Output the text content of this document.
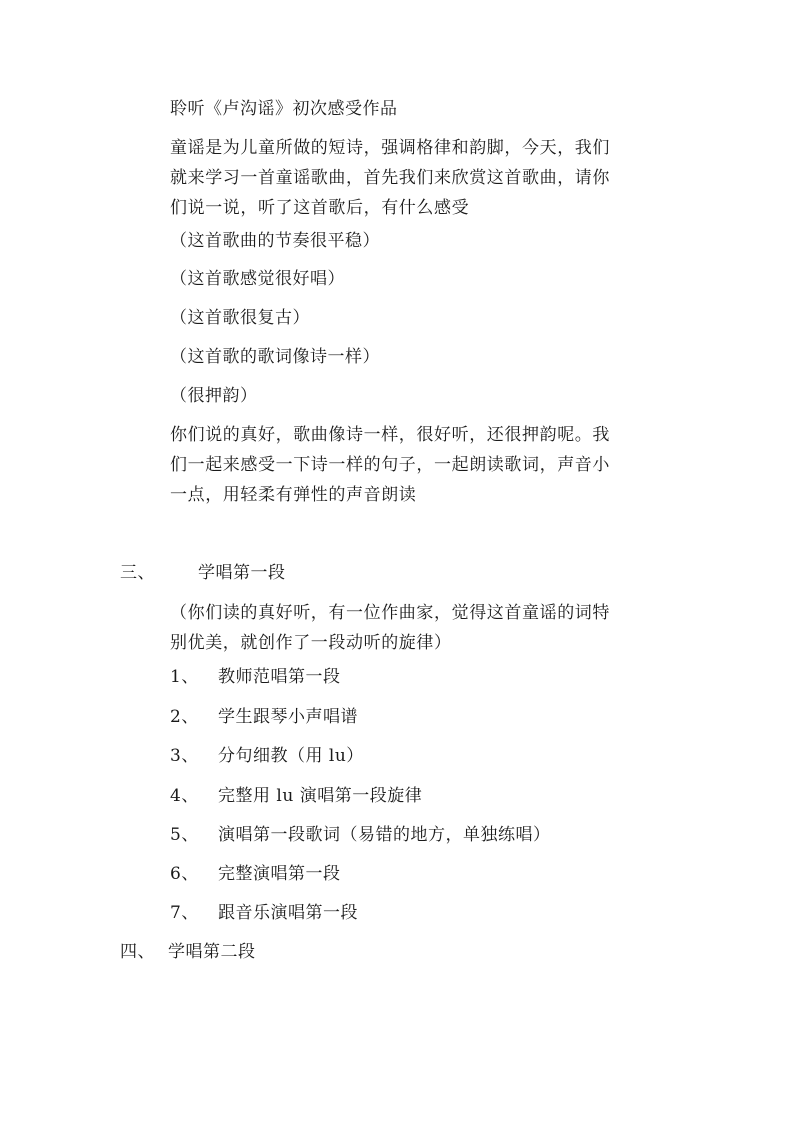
聆听《卢沟谣》初次感受作品
童谣是为儿童所做的短诗，强调格律和韵脚，今天，我们
就来学习一首童谣歌曲，首先我们来欣赏这首歌曲，请你
们说一说，听了这首歌后，有什么感受
（这首歌曲的节奏很平稳）
（这首歌感觉很好唱）
（这首歌很复古）
（这首歌的歌词像诗一样）
（很押韵）
你们说的真好，歌曲像诗一样，很好听，还很押韵呢。我
们一起来感受一下诗一样的句子，一起朗读歌词，声音小
一点，用轻柔有弹性的声音朗读
三、	学唱第一段
（你们读的真好听，有一位作曲家，觉得这首童谣的词特
别优美，就创作了一段动听的旋律）
1、 教师范唱第一段
2、 学生跟琴小声唱谱
3、 分句细教（用 lu）
4、 完整用 lu 演唱第一段旋律
5、 演唱第一段歌词（易错的地方，单独练唱）
6、 完整演唱第一段
7、 跟音乐演唱第一段
四、 学唱第二段
